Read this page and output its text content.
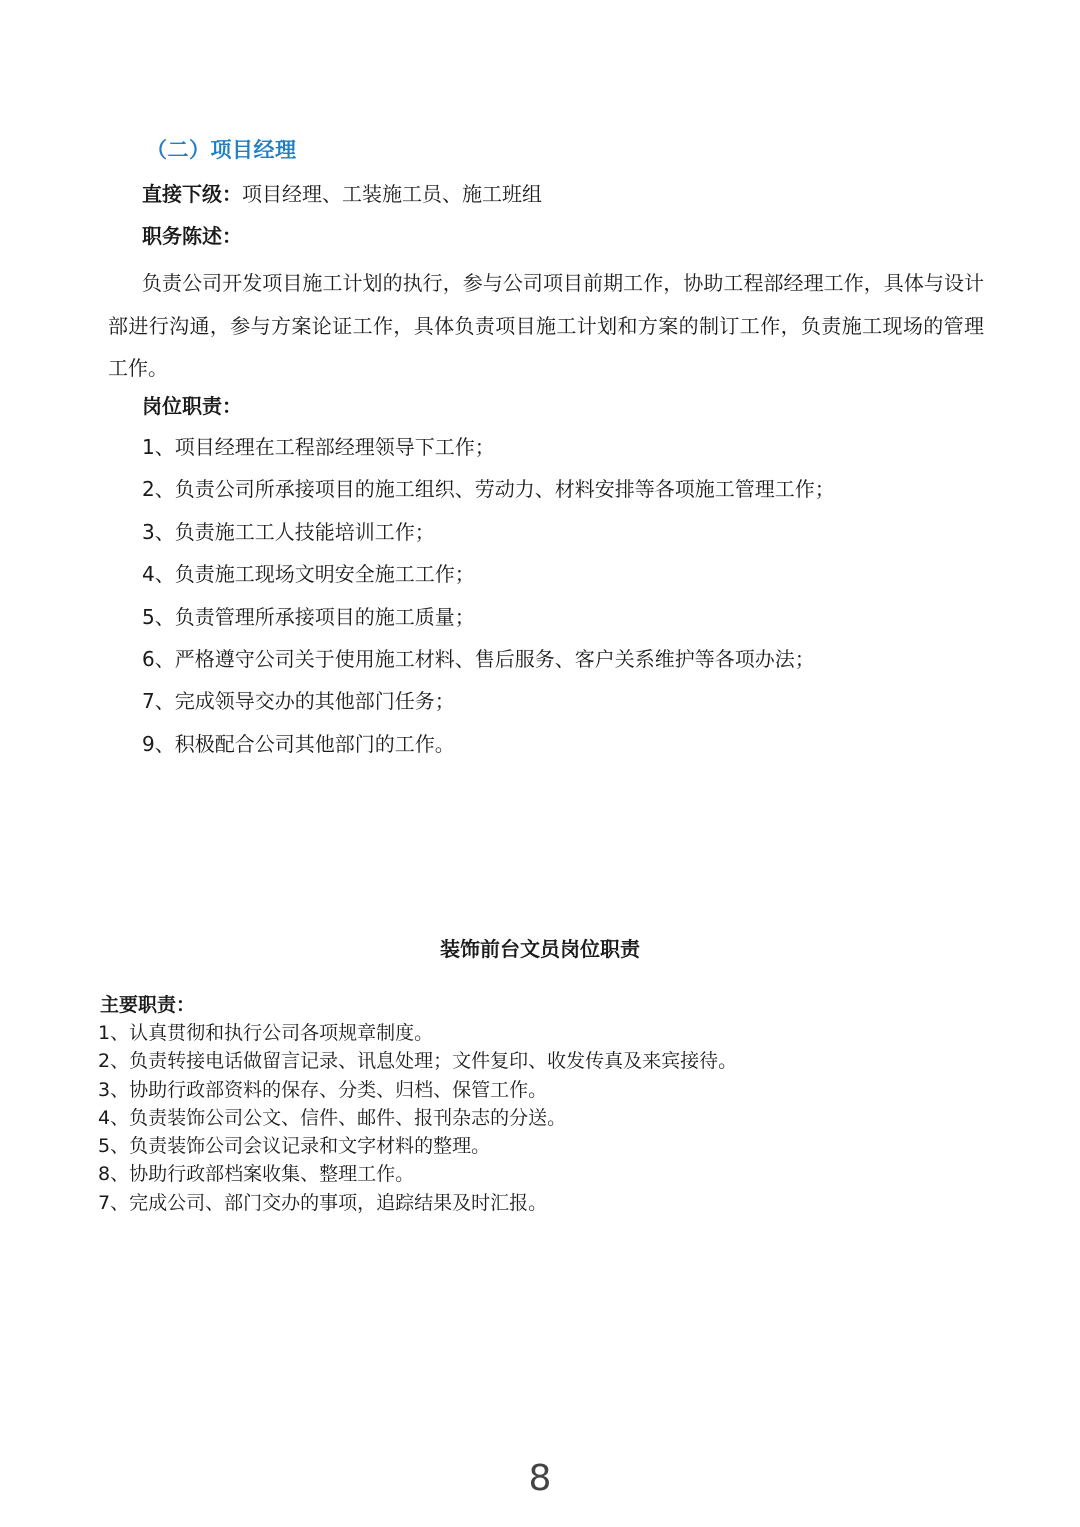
（二）项目经理
直接下级：项目经理、工装施工员、施工班组
职务陈述：

负责公司开发项目施工计划的执行，参与公司项目前期工作，协助工程部经理工作，具体与设计部进行沟通，参与方案论证工作，具体负责项目施工计划和方案的制订工作，负责施工现场的管理工作。

岗位职责：
1、项目经理在工程部经理领导下工作；
2、负责公司所承接项目的施工组织、劳动力、材料安排等各项施工管理工作；
3、负责施工工人技能培训工作；
4、负责施工现场文明安全施工工作；
5、负责管理所承接项目的施工质量；
6、严格遵守公司关于使用施工材料、售后服务、客户关系维护等各项办法；
7、完成领导交办的其他部门任务；
9、积极配合公司其他部门的工作。
装饰前台文员岗位职责
主要职责：
1、认真贯彻和执行公司各项规章制度。
2、负责转接电话做留言记录、讯息处理；文件复印、收发传真及来宾接待。
3、协助行政部资料的保存、分类、归档、保管工作。
4、负责装饰公司公文、信件、邮件、报刊杂志的分送。
5、负责装饰公司会议记录和文字材料的整理。
8、协助行政部档案收集、整理工作。
7、完成公司、部门交办的事项，追踪结果及时汇报。
8
